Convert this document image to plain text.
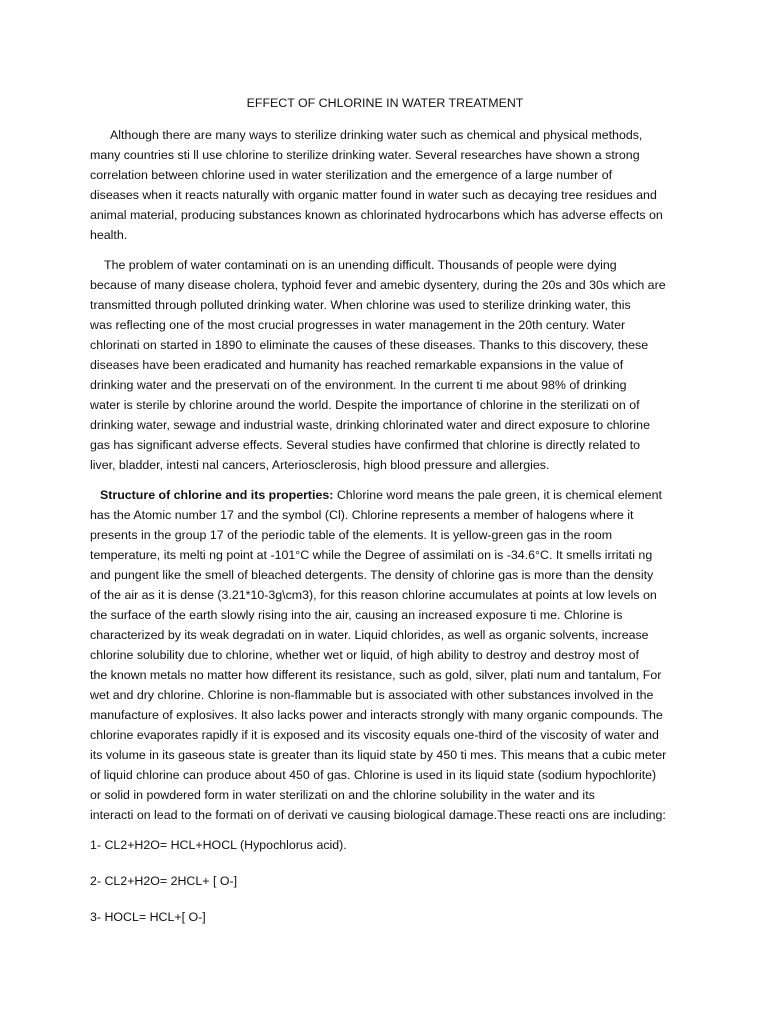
EFFECT OF CHLORINE IN WATER TREATMENT
Although there are many ways to sterilize drinking water such as chemical and physical methods,
many countries sti ll use chlorine to sterilize drinking water. Several researches have shown a strong
correlation between chlorine used in water sterilization and the emergence of a large number of
diseases when it reacts naturally with organic matter found in water such as decaying tree residues and
animal material, producing substances known as chlorinated hydrocarbons which has adverse effects on
health.
The problem of water contaminati on is an unending difficult. Thousands of people were dying
because of many disease cholera, typhoid fever and amebic dysentery, during the 20s and 30s which are
transmitted through polluted drinking water. When chlorine was used to sterilize drinking water, this
was reflecting one of the most crucial progresses in water management in the 20th century. Water
chlorinati on started in 1890 to eliminate the causes of these diseases. Thanks to this discovery, these
diseases have been eradicated and humanity has reached remarkable expansions in the value of
drinking water and the preservati on of the environment. In the current ti me about 98% of drinking
water is sterile by chlorine around the world. Despite the importance of chlorine in the sterilizati on of
drinking water, sewage and industrial waste, drinking chlorinated water and direct exposure to chlorine
gas has significant adverse effects. Several studies have confirmed that chlorine is directly related to
liver, bladder, intesti nal cancers, Arteriosclerosis, high blood pressure and allergies.
Structure of chlorine and its properties: Chlorine word means the pale green, it is chemical element
has the Atomic number 17 and the symbol (Cl). Chlorine represents a member of halogens where it
presents in the group 17 of the periodic table of the elements. It is yellow-green gas in the room
temperature, its melti ng point at -101°C while the Degree of assimilati on is -34.6°C. It smells irritati ng
and pungent like the smell of bleached detergents. The density of chlorine gas is more than the density
of the air as it is dense (3.21*10-3g\cm3), for this reason chlorine accumulates at points at low levels on
the surface of the earth slowly rising into the air, causing an increased exposure ti me. Chlorine is
characterized by its weak degradati on in water. Liquid chlorides, as well as organic solvents, increase
chlorine solubility due to chlorine, whether wet or liquid, of high ability to destroy and destroy most of
the known metals no matter how different its resistance, such as gold, silver, plati num and tantalum, For
wet and dry chlorine. Chlorine is non-flammable but is associated with other substances involved in the
manufacture of explosives. It also lacks power and interacts strongly with many organic compounds. The
chlorine evaporates rapidly if it is exposed and its viscosity equals one-third of the viscosity of water and
its volume in its gaseous state is greater than its liquid state by 450 ti mes. This means that a cubic meter
of liquid chlorine can produce about 450 of gas. Chlorine is used in its liquid state (sodium hypochlorite)
or solid in powdered form in water sterilizati on and the chlorine solubility in the water and its
interacti on lead to the formati on of derivati ve causing biological damage.These reacti ons are including:
1- CL2+H2O= HCL+HOCL (Hypochlorus acid).
2- CL2+H2O= 2HCL+ [ O-]
3- HOCL= HCL+[ O-]
